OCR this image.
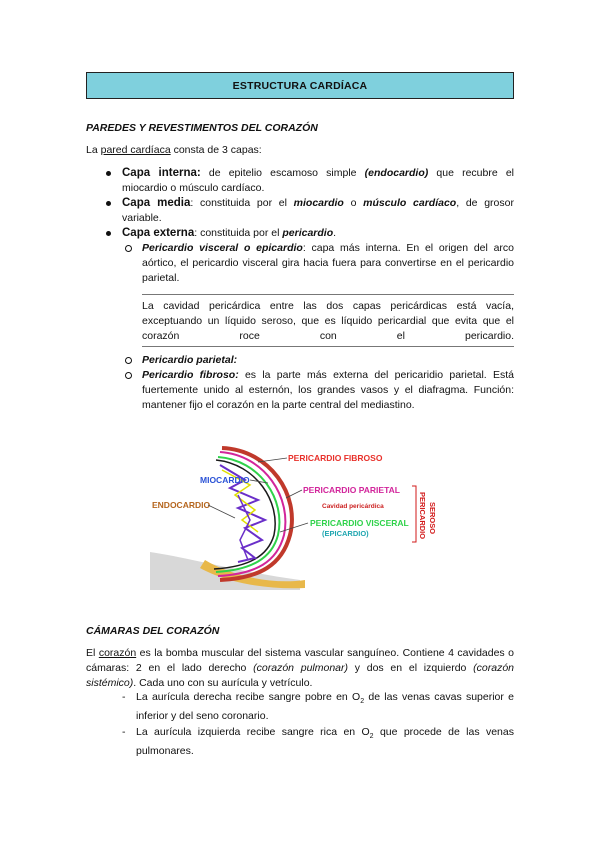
ESTRUCTURA CARDÍACA
PAREDES Y REVESTIMENTOS DEL CORAZÓN
La pared cardíaca consta de 3 capas:
Capa interna: de epitelio escamoso simple (endocardio) que recubre el miocardio o músculo cardíaco.
Capa media: constituida por el miocardio o músculo cardíaco, de grosor variable.
Capa externa: constituida por el pericardio.
Pericardio visceral o epicardio: capa más interna. En el origen del arco aórtico, el pericardio visceral gira hacia fuera para convertirse en el pericardio parietal.
La cavidad pericárdica entre las dos capas pericárdicas está vacía, exceptuando un líquido seroso, que es líquido pericardial que evita que el corazón roce con el pericardio.
Pericardio parietal:
Pericardio fibroso: es la parte más externa del pericaridio parietal. Está fuertemente unido al esternón, los grandes vasos y el diafragma. Función: mantener fijo el corazón en la parte central del mediastino.
PERICARDIO FIBROSO
MIOCARDIO
PERICARDIO PARIETAL
ENDOCARDIO	Cavidad pericárdica
PERICARDIO VISCERAL
(EPICARDIO)	PERICARDIO SEROSO
CÁMARAS DEL CORAZÓN
El corazón es la bomba muscular del sistema vascular sanguíneo. Contiene 4 cavidades o cámaras: 2 en el lado derecho (corazón pulmonar) y dos en el izquierdo (corazón sistémico). Cada uno con su aurícula y vetrículo.
- La aurícula derecha recibe sangre pobre en $O_2$ de las venas cavas superior e inferior y del seno coronario.
- La aurícula izquierda recibe sangre rica en $O_2$ que procede de las venas pulmonares.
